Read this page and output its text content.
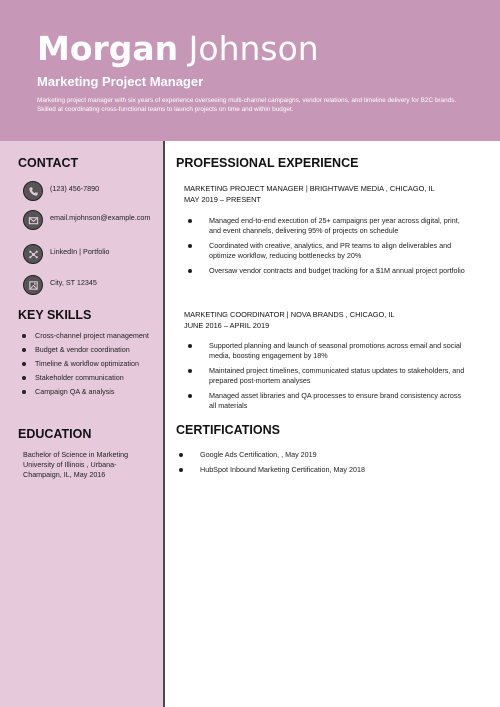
Morgan Johnson
Marketing Project Manager
Marketing project manager with six years of experience overseeing multi-channel campaigns, vendor relations, and timeline delivery for B2C brands. Skilled at coordinating cross-functional teams to launch projects on time and within budget.
CONTACT
(123) 456-7890
email.mjohnson@example.com
LinkedIn | Portfolio
City, ST 12345
KEY SKILLS
Cross-channel project management
Budget & vendor coordination
Timeline & workflow optimization
Stakeholder communication
Campaign QA & analysis
EDUCATION
Bachelor of Science in Marketing University of Illinois , Urbana-Champaign, IL, May 2016
PROFESSIONAL EXPERIENCE
MARKETING PROJECT MANAGER | BRIGHTWAVE MEDIA , CHICAGO, IL
MAY 2019 – PRESENT
Managed end-to-end execution of 25+ campaigns per year across digital, print, and event channels, delivering 95% of projects on schedule
Coordinated with creative, analytics, and PR teams to align deliverables and optimize workflow, reducing bottlenecks by 20%
Oversaw vendor contracts and budget tracking for a $1M annual project portfolio
MARKETING COORDINATOR | NOVA BRANDS , CHICAGO, IL
JUNE 2016 – APRIL 2019
Supported planning and launch of seasonal promotions across email and social media, boosting engagement by 18%
Maintained project timelines, communicated status updates to stakeholders, and prepared post-mortem analyses
Managed asset libraries and QA processes to ensure brand consistency across all materials
CERTIFICATIONS
Google Ads Certification, , May 2019
HubSpot Inbound Marketing Certification, May 2018
